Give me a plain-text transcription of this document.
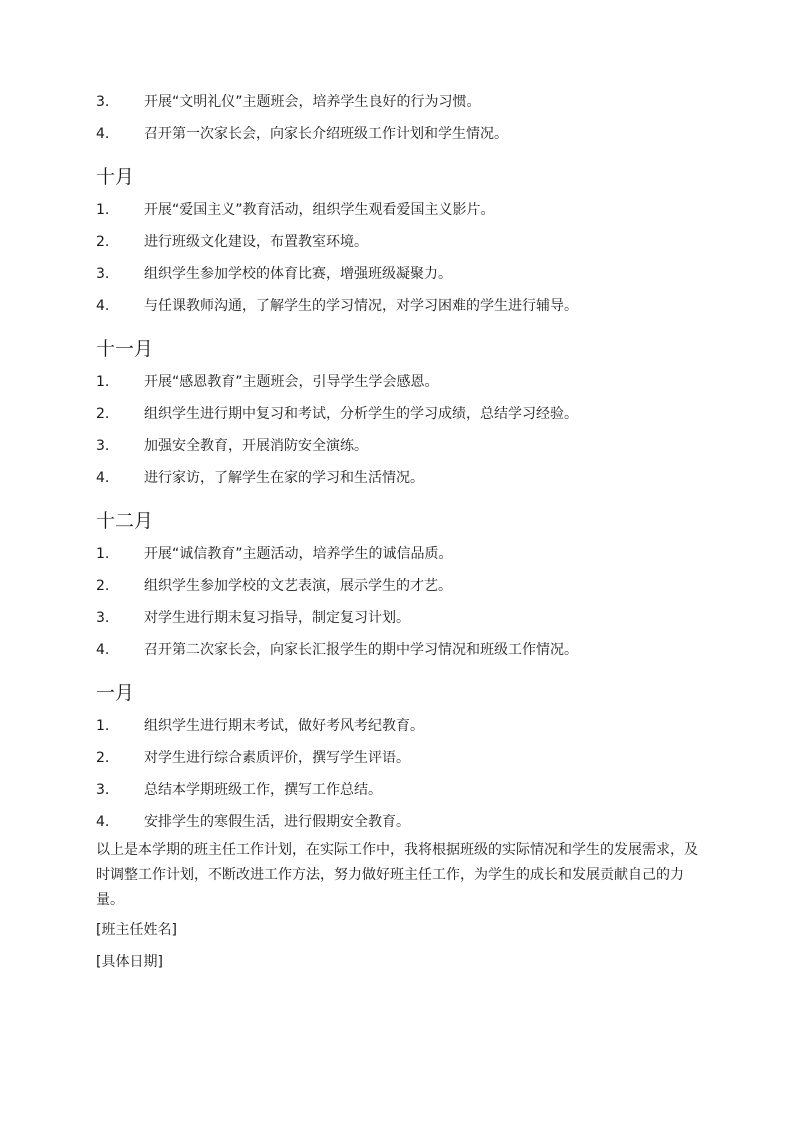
3.	开展“文明礼仪”主题班会，培养学生良好的行为习惯。
4.	召开第一次家长会，向家长介绍班级工作计划和学生情况。
十月
1.	开展“爱国主义”教育活动，组织学生观看爱国主义影片。
2.	进行班级文化建设，布置教室环境。
3.	组织学生参加学校的体育比赛，增强班级凝聚力。
4.	与任课教师沟通，了解学生的学习情况，对学习困难的学生进行辅导。
十一月
1.	开展“感恩教育”主题班会，引导学生学会感恩。
2.	组织学生进行期中复习和考试，分析学生的学习成绩，总结学习经验。
3.	加强安全教育，开展消防安全演练。
4.	进行家访，了解学生在家的学习和生活情况。
十二月
1.	开展“诚信教育”主题活动，培养学生的诚信品质。
2.	组织学生参加学校的文艺表演，展示学生的才艺。
3.	对学生进行期末复习指导，制定复习计划。
4.	召开第二次家长会，向家长汇报学生的期中学习情况和班级工作情况。
一月
1.	组织学生进行期末考试，做好考风考纪教育。
2.	对学生进行综合素质评价，撰写学生评语。
3.	总结本学期班级工作，撰写工作总结。
4.	安排学生的寒假生活，进行假期安全教育。

以上是本学期的班主任工作计划，在实际工作中，我将根据班级的实际情况和学生的发展需求，及时调整工作计划，不断改进工作方法，努力做好班主任工作，为学生的成长和发展贡献自己的力量。

[班主任姓名]
[具体日期]
